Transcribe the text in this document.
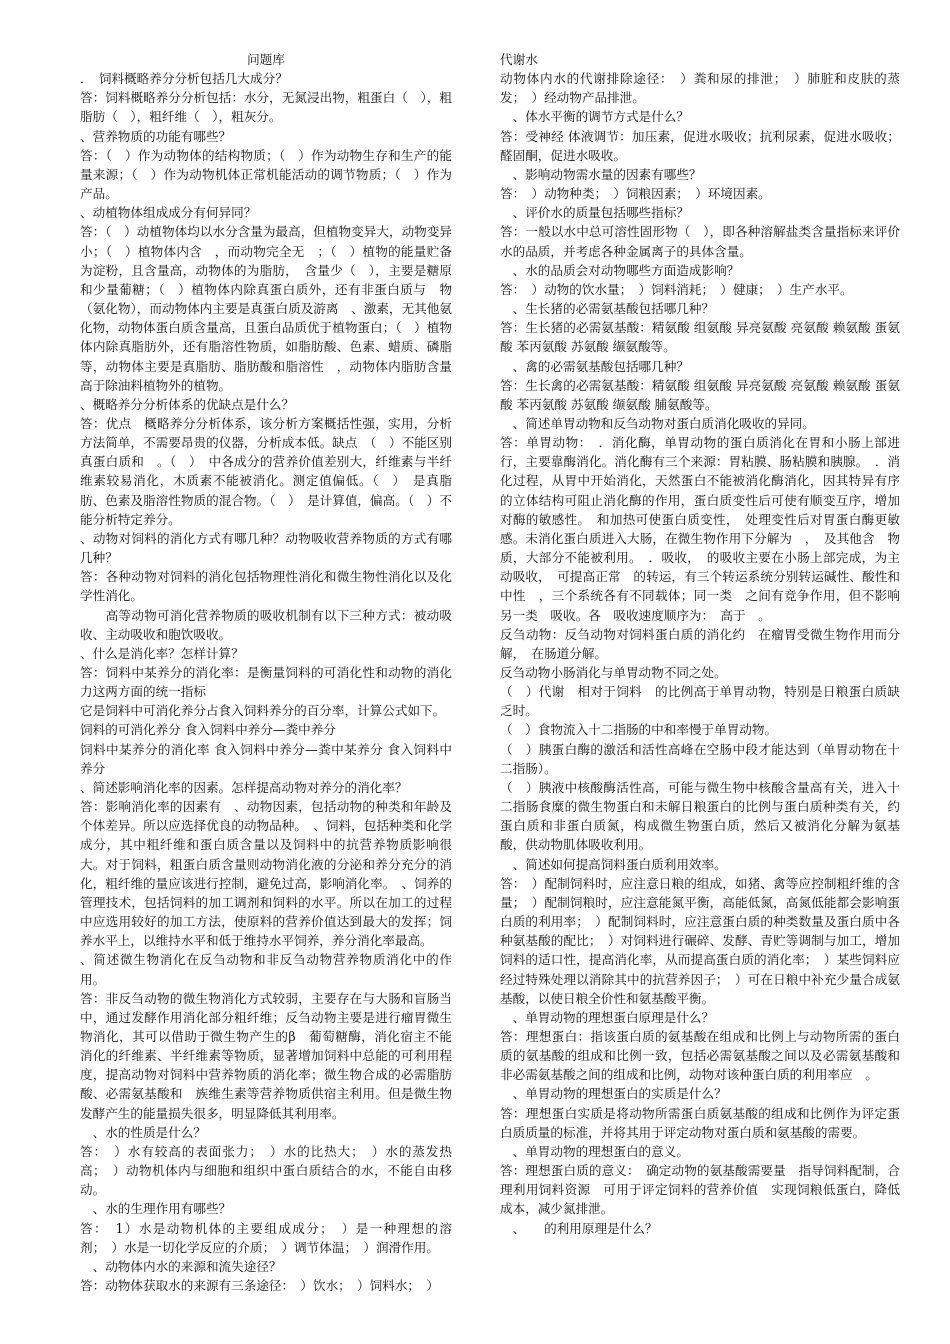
问题库

．　饲料概略养分分析包括几大成分？

答：饲料概略养分分析包括：水分，无氮浸出物，粗蛋白（　），粗脂肪（　），粗纤维（　），粗灰分。

、营养物质的功能有哪些？

答：（　）作为动物体的结构物质；（　）作为动物生存和生产的能量来源；（　）作为动物机体正常机能活动的调节物质；（　）作为产品。

、动植物体组成成分有何异同？

答：（　）动植物体均以水分含量为最高，但植物变异大，动物变异小；（　）植物体内含　，而动物完全无　；（　）植物的能量贮备为淀粉，且含量高，动物体的为脂肪，　含量少（　），主要是糖原和少量葡糖；（　）植物体内除真蛋白质外，还有非蛋白质与　物（氨化物），而动物体内主要是真蛋白质及游离　、激素，无其他氨化物，动物体蛋白质含量高，且蛋白品质优于植物蛋白；（　）植物体内除真脂肪外，还有脂溶性物质，如脂肪酸、色素、蜡质、磷脂等，动物体主要是真脂肪、脂肪酸和脂溶性　，动物体内脂肪含量高于除油料植物外的植物。

、概略养分分析体系的优缺点是什么？

答：优点　概略养分分析体系，该分析方案概括性强，实用，分析方法简单，不需要昂贵的仪器，分析成本低。缺点　（　）不能区别真蛋白质和　。（　）　中各成分的营养价值差别大，纤维素与半纤维素较易消化，木质素不能被消化。测定值偏低。（　）　是真脂肪、色素及脂溶性物质的混合物。（　）　是计算值，偏高。（　）不能分析特定养分。

、动物对饲料的消化方式有哪几种？动物吸收营养物质的方式有哪几种？

答：各种动物对饲料的消化包括物理性消化和微生物性消化以及化学性消化。

　　高等动物可消化营养物质的吸收机制有以下三种方式：被动吸收、主动吸收和胞饮吸收。

、什么是消化率？怎样计算？

答：饲料中某养分的消化率：是衡量饲料的可消化性和动物的消化力这两方面的统一指标

它是饲料中可消化养分占食入饲料养分的百分率，计算公式如下。

饲料的可消化养分 食入饲料中养分—粪中养分

饲料中某养分的消化率 食入饲料中养分—粪中某养分 食入饲料中养分

、简述影响消化率的因素。怎样提高动物对养分的消化率？

答：影响消化率的因素有　、动物因素，包括动物的种类和年龄及个体差异。所以应选择优良的动物品种。　、饲料，包括种类和化学成分，其中粗纤维和蛋白质含量以及饲料中的抗营养物质影响很大。对于饲料，粗蛋白质含量则动物消化液的分泌和养分充分的消化，粗纤维的量应该进行控制，避免过高，影响消化率。　、饲养的管理技术，包括饲料的加工调剂和饲料的水平。所以在加工的过程中应选用较好的加工方法，使原料的营养价值达到最大的发挥；饲养水平上，以维持水平和低于维持水平饲养，养分消化率最高。

、简述微生物消化在反刍动物和非反刍动物营养物质消化中的作用。

答：非反刍动物的微生物消化方式较弱，主要存在与大肠和盲肠当中，通过发酵作用消化部分粗纤维；反刍动物主要是进行瘤胃微生物消化，其可以借助于微生物产生的β　葡萄糖酶，消化宿主不能消化的纤维素、半纤维素等物质，显著增加饲料中总能的可利用程度，提高动物对饲料中营养物质的消化率；微生物合成的必需脂肪酸、必需氨基酸和　族维生素等营养物质供宿主利用。但是微生物发酵产生的能量损失很多，明显降低其利用率。

　、水的性质是什么？

答：　）水有较高的表面张力；　）水的比热大；　）水的蒸发热高；　）动物机体内与细胞和组织中蛋白质结合的水，不能自由移动。

　、水的生理作用有哪些？

答：　1）水是动物机体的主要组成成分；　）是一种理想的溶剂；　）水是一切化学反应的介质；　）调节体温；　）润滑作用。

　、动物体内水的来源和流失途径？

答：动物体获取水的来源有三条途径：　）饮水；　）饲料水；　）

代谢水

动物体内水的代谢排除途径：　）粪和尿的排泄；　）肺脏和皮肤的蒸发；　）经动物产品排泄。

　、体水平衡的调节方式是什么？

答：受神经 体液调节：加压素，促进水吸收；抗利尿素，促进水吸收；醛固酮，促进水吸收。

　、影响动物需水量的因素有哪些？

答：　）动物种类；　）饲粮因素；　）环境因素。

　、评价水的质量包括哪些指标？

答：一般以水中总可溶性固形物（　），即各种溶解盐类含量指标来评价水的品质，并考虑各种金属离子的具体含量。

　、水的品质会对动物哪些方面造成影响？

答：　）动物的饮水量；　）饲料消耗；　）健康；　）生产水平。

　、生长猪的必需氨基酸包括哪几种？

答：生长猪的必需氨基酸：精氨酸 组氨酸 异亮氨酸 亮氨酸 赖氨酸 蛋氨酸 苯丙氨酸 苏氨酸 缬氨酸等。

　、禽的必需氨基酸包括哪几种？

答：生长禽的必需氨基酸：精氨酸 组氨酸 异亮氨酸 亮氨酸 赖氨酸 蛋氨酸 苯丙氨酸 苏氨酸 缬氨酸 脯氨酸等。

　、简述单胃动物和反刍动物对蛋白质消化吸收的异同。

答：单胃动物：　．消化酶，单胃动物的蛋白质消化在胃和小肠上部进行，主要靠酶消化。消化酶有三个来源：胃粘膜、肠粘膜和胰腺。　．消化过程，从胃中开始消化，天然蛋白不能被消化酶消化，因其特异有序的立体结构可阻止消化酶的作用，蛋白质变性后可使有顺变互序，增加对酶的敏感性。　和加热可使蛋白质变性，　处理变性后对胃蛋白酶更敏感。未消化蛋白质进入大肠，在微生物作用下分解为　，　及其他含　物质，大部分不能被利用。　．吸收，　的吸收主要在小肠上部完成，为主动吸收，　可提高正常　的转运，有三个转运系统分别转运碱性、酸性和中性　，三个系统各有不同载体；同一类　之间有竞争作用，但不影响另一类　吸收。各　吸收速度顺序为：　高于　。

反刍动物：反刍动物对饲料蛋白质的消化约　在瘤胃受微生物作用而分解，　在肠道分解。

反刍动物小肠消化与单胃动物不同之处。

（　）代谢　相对于饲料　的比例高于单胃动物，特别是日粮蛋白质缺乏时。

（　）食物流入十二指肠的中和率慢于单胃动物。

（　）胰蛋白酶的激活和活性高峰在空肠中段才能达到（单胃动物在十二指肠）。

（　）胰液中核酸酶活性高，可能与微生物中核酸含量高有关，进入十二指肠食糜的微生物蛋白和未解日粮蛋白的比例与蛋白质种类有关，约蛋白质和非蛋白质氮，构成微生物蛋白质，然后又被消化分解为氨基酸，供动物肌体吸收利用。

　、简述如何提高饲料蛋白质利用效率。

答：　）配制饲料时，应注意日粮的组成，如猪、禽等应控制粗纤维的含量；　）配制饲粮时，应注意能氮平衡，高能低氮，高氮低能都会影响蛋白质的利用率；　）配制饲料时，应注意蛋白质的种类数量及蛋白质中各种氨基酸的配比；　）对饲料进行碾碎、发酵、青贮等调制与加工，增加饲料的适口性，提高消化率，从而提高蛋白质的消化率；　）某些饲料应经过特殊处理以消除其中的抗营养因子；　）可在日粮中补充少量合成氨基酸，以使日粮全价性和氨基酸平衡。

　、单胃动物的理想蛋白原理是什么？

答：理想蛋白：指该蛋白质的氨基酸在组成和比例上与动物所需的蛋白质的氨基酸的组成和比例一致，包括必需氨基酸之间以及必需氨基酸和非必需氨基酸之间的组成和比例，动物对该种蛋白质的利用率应　。

　、单胃动物的理想蛋白的实质是什么？

答：理想蛋白实质是将动物所需蛋白质氨基酸的组成和比例作为评定蛋白质质量的标准，并将其用于评定动物对蛋白质和氨基酸的需要。

　、单胃动物的理想蛋白的意义。

答：理想蛋白质的意义：　确定动物的氨基酸需要量　指导饲料配制，合理利用饲料资源　可用于评定饲料的营养价值　实现饲粮低蛋白，降低成本，减少氮排泄。

　、　　的利用原理是什么？
